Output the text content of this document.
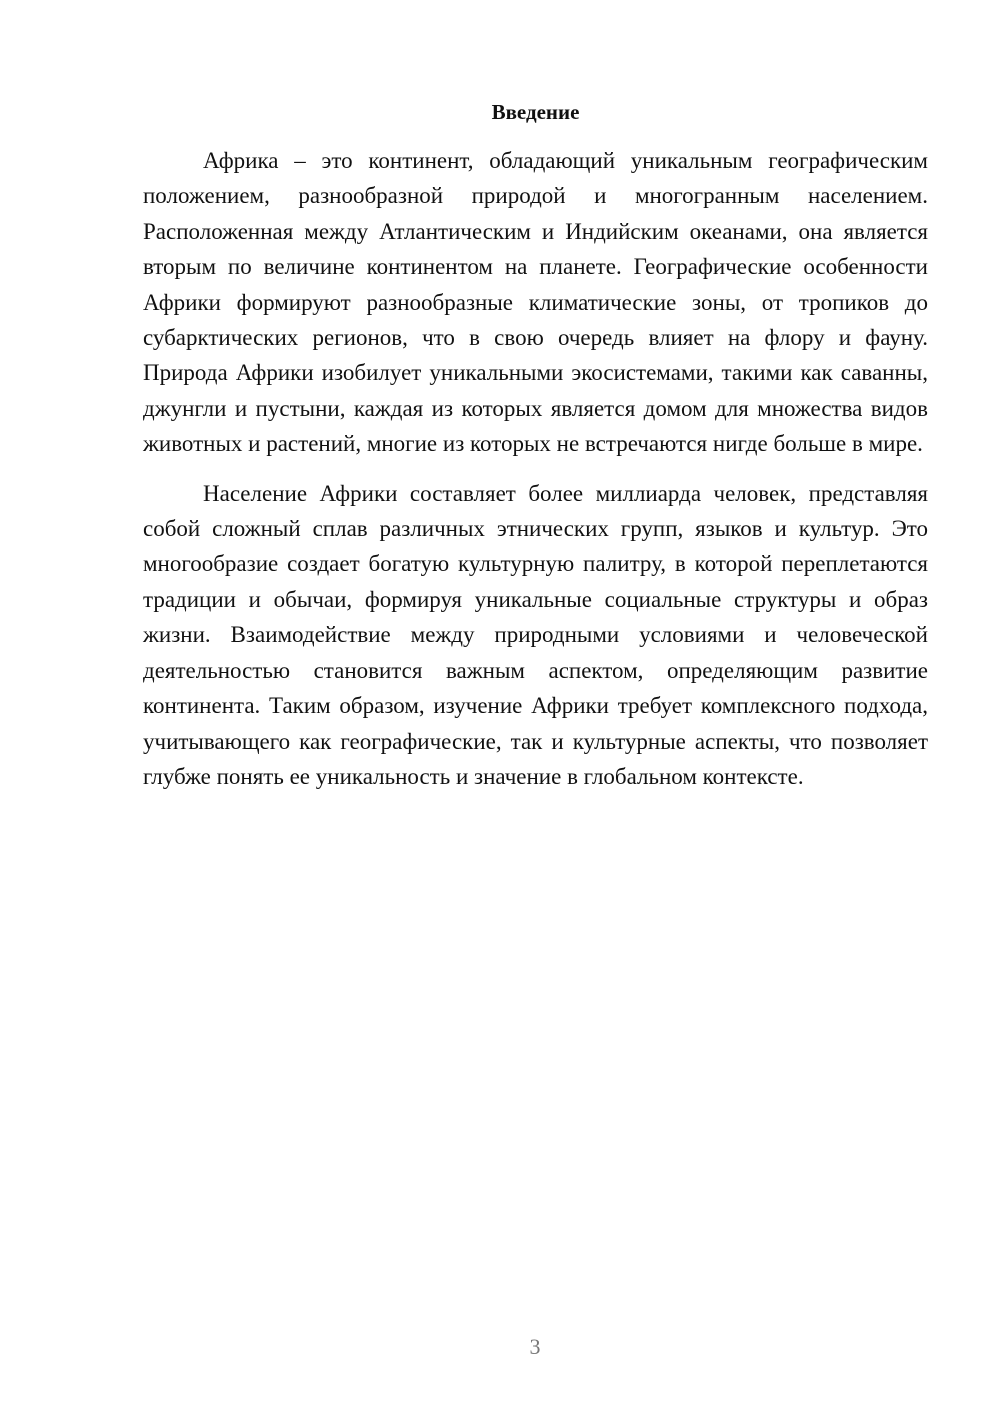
Введение

Африка – это континент, обладающий уникальным географическим положением, разнообразной природой и многогранным населением. Расположенная между Атлантическим и Индийским океанами, она является вторым по величине континентом на планете. Географические особенности Африки формируют разнообразные климатические зоны, от тропиков до субарктических регионов, что в свою очередь влияет на флору и фауну. Природа Африки изобилует уникальными экосистемами, такими как саванны, джунгли и пустыни, каждая из которых является домом для множества видов животных и растений, многие из которых не встречаются нигде больше в мире.

Население Африки составляет более миллиарда человек, представляя собой сложный сплав различных этнических групп, языков и культур. Это многообразие создает богатую культурную палитру, в которой переплетаются традиции и обычаи, формируя уникальные социальные структуры и образ жизни. Взаимодействие между природными условиями и человеческой деятельностью становится важным аспектом, определяющим развитие континента. Таким образом, изучение Африки требует комплексного подхода, учитывающего как географические, так и культурные аспекты, что позволяет глубже понять ее уникальность и значение в глобальном контексте.

3
